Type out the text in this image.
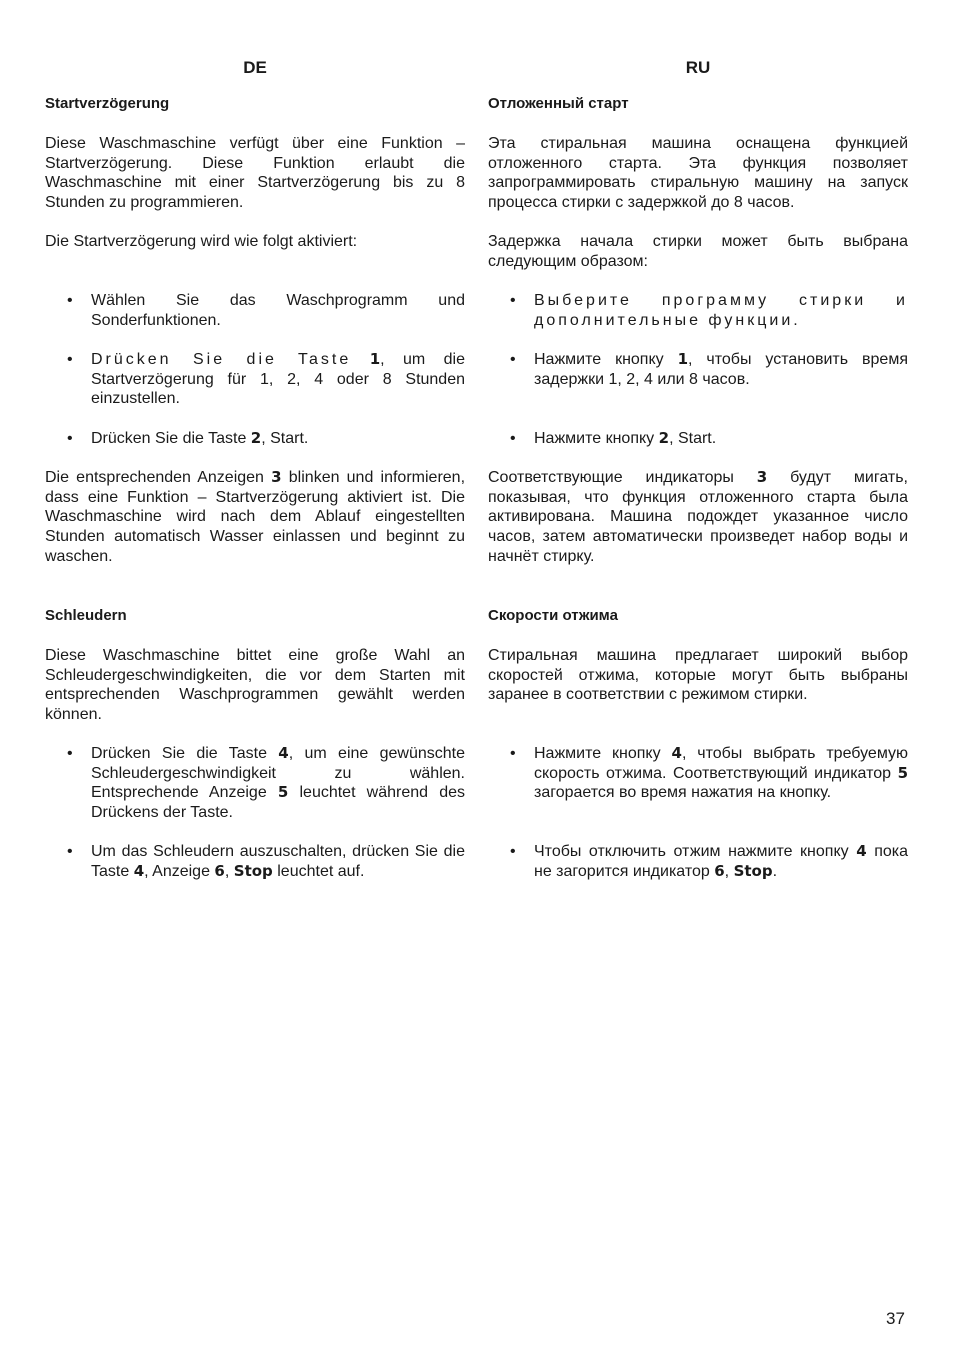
DE
Startverzögerung

Diese Waschmaschine verfügt über eine Funktion – Startverzögerung. Diese Funktion erlaubt die Waschmaschine mit einer Startverzögerung bis zu 8 Stunden zu programmieren.

Die Startverzögerung wird wie folgt aktiviert:

• Wählen Sie das Waschprogramm und Sonderfunktionen.
• Drücken Sie die Taste 1, um die Startverzögerung für 1, 2, 4 oder 8 Stunden einzustellen.
• Drücken Sie die Taste 2, Start.

Die entsprechenden Anzeigen 3 blinken und informieren, dass eine Funktion – Startverzögerung aktiviert ist. Die Waschmaschine wird nach dem Ablauf eingestellten Stunden automatisch Wasser einlassen und beginnt zu waschen.

Schleudern

Diese Waschmaschine bittet eine große Wahl an Schleudergeschwindigkeiten, die vor dem Starten mit entsprechenden Waschprogrammen gewählt werden können.

• Drücken Sie die Taste 4, um eine gewünschte Schleudergeschwindigkeit zu wählen. Entsprechende Anzeige 5 leuchtet während des Drückens der Taste.
• Um das Schleudern auszuschalten, drücken Sie die Taste 4, Anzeige 6, Stop leuchtet auf.
RU
Отложенный старт

Эта стиральная машина оснащена функцией отложенного старта. Эта функция позволяет запрограммировать стиральную машину на запуск процесса стирки с задержкой до 8 часов.

Задержка начала стирки может быть выбрана следующим образом:

• Выберите программу стирки и дополнительные функции.
• Нажмите кнопку 1, чтобы установить время задержки 1, 2, 4 или 8 часов.
• Нажмите кнопку 2, Start.

Соответствующие индикаторы 3 будут мигать, показывая, что функция отложенного старта была активирована. Машина подождет указанное число часов, затем автоматически произведет набор воды и начнёт стирку.

Скорости отжима

Стиральная машина предлагает широкий выбор скоростей отжима, которые могут быть выбраны заранее в соответствии с режимом стирки.

• Нажмите кнопку 4, чтобы выбрать требуемую скорость отжима. Соответствующий индикатор 5 загорается во время нажатия на кнопку.
• Чтобы отключить отжим нажмите кнопку 4 пока не загорится индикатор 6, Stop.
37
